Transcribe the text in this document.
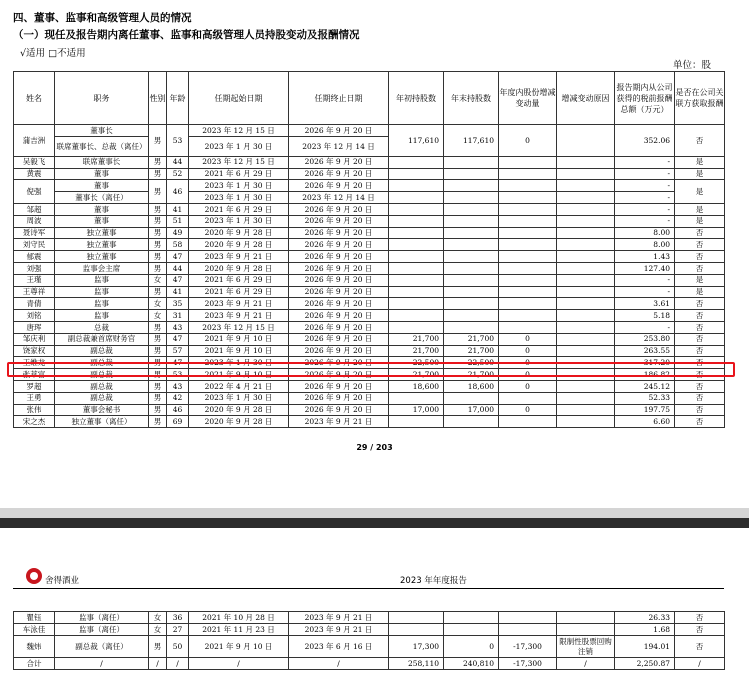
四、董事、监事和高级管理人员的情况
（一）现任及报告期内离任董事、监事和高级管理人员持股变动及报酬情况
√适用 □不适用
单位：股
姓名	职务	性别	年龄	任期起始日期	任期终止日期	年初持股数	年末持股数	年度内股份增减变动量	增减变动原因	报告期内从公司获得的税前报酬总额（万元）	是否在公司关联方获取报酬
蒲吉洲	董事长	男	53	2023 年 12 月 15 日	2026 年 9 月 20 日	117,610	117,610	0		352.06	否
	联席董事长、总裁（离任）			2023 年 1 月 30 日	2023 年 12 月 14 日						
吴毅飞	联席董事长	男	44	2023 年 12 月 15 日	2026 年 9 月 20 日					-	是
黄震	董事	男	52	2021 年 6 月 29 日	2026 年 9 月 20 日					-	是
倪强	董事	男	46	2023 年 1 月 30 日	2026 年 9 月 20 日					-	是
	董事长（离任）			2023 年 1 月 30 日	2023 年 12 月 14 日					-	
邹超	董事	男	41	2021 年 6 月 29 日	2026 年 9 月 20 日					-	是
周波	董事	男	51	2023 年 1 月 30 日	2026 年 9 月 20 日					-	是
聂诗军	独立董事	男	49	2020 年 9 月 28 日	2026 年 9 月 20 日					8.00	否
刘守民	独立董事	男	58	2020 年 9 月 28 日	2026 年 9 月 20 日					8.00	否
郁震	独立董事	男	47	2023 年 9 月 21 日	2026 年 9 月 20 日					1.43	否
刘强	监事会主席	男	44	2020 年 9 月 28 日	2026 年 9 月 20 日					127.40	否
王瑾	监事	女	47	2021 年 6 月 29 日	2026 年 9 月 20 日					-	是
王尊祥	监事	男	41	2021 年 6 月 29 日	2026 年 9 月 20 日					-	是
青倩	监事	女	35	2023 年 9 月 21 日	2026 年 9 月 20 日					3.61	否
刘铭	监事	女	31	2023 年 9 月 21 日	2026 年 9 月 20 日					5.18	否
唐珲	总裁	男	43	2023 年 12 月 15 日	2026 年 9 月 20 日					-	否
邹庆利	副总裁兼首席财务官	男	47	2021 年 9 月 10 日	2026 年 9 月 20 日	21,700	21,700	0		253.80	否
饶家权	副总裁	男	57	2021 年 9 月 10 日	2026 年 9 月 20 日	21,700	21,700	0		263.55	否
王维龙	副总裁	男	47	2023 年 1 月 30 日	2026 年 9 月 20 日	22,500	22,500	0		317.20	否
张萃富	副总裁	男	53	2021 年 9 月 10 日	2026 年 9 月 20 日	21,700	21,700	0		186.82	否
罗超	副总裁	男	43	2022 年 4 月 21 日	2026 年 9 月 20 日	18,600	18,600	0		245.12	否
王勇	副总裁	男	42	2023 年 1 月 30 日	2026 年 9 月 20 日					52.33	否
张伟	董事会秘书	男	46	2020 年 9 月 28 日	2026 年 9 月 20 日	17,000	17,000	0		197.75	否
宋之杰	独立董事（离任）	男	69	2020 年 9 月 28 日	2023 年 9 月 21 日					6.60	否
29 / 203
舍得酒业	2023 年年度报告
瞿钰	监事（离任）	女	36	2021 年 10 月 28 日	2023 年 9 月 21 日					26.33	否
车泳佳	监事（离任）	女	27	2021 年 11 月 23 日	2023 年 9 月 21 日					1.68	否
魏炜	副总裁（离任）	男	50	2021 年 9 月 10 日	2023 年 6 月 16 日	17,300	0	-17,300	限制性股票回购注销	194.01	否
合计	/	/	/	/	/	258,110	240,810	-17,300	/	2,250.87	/
